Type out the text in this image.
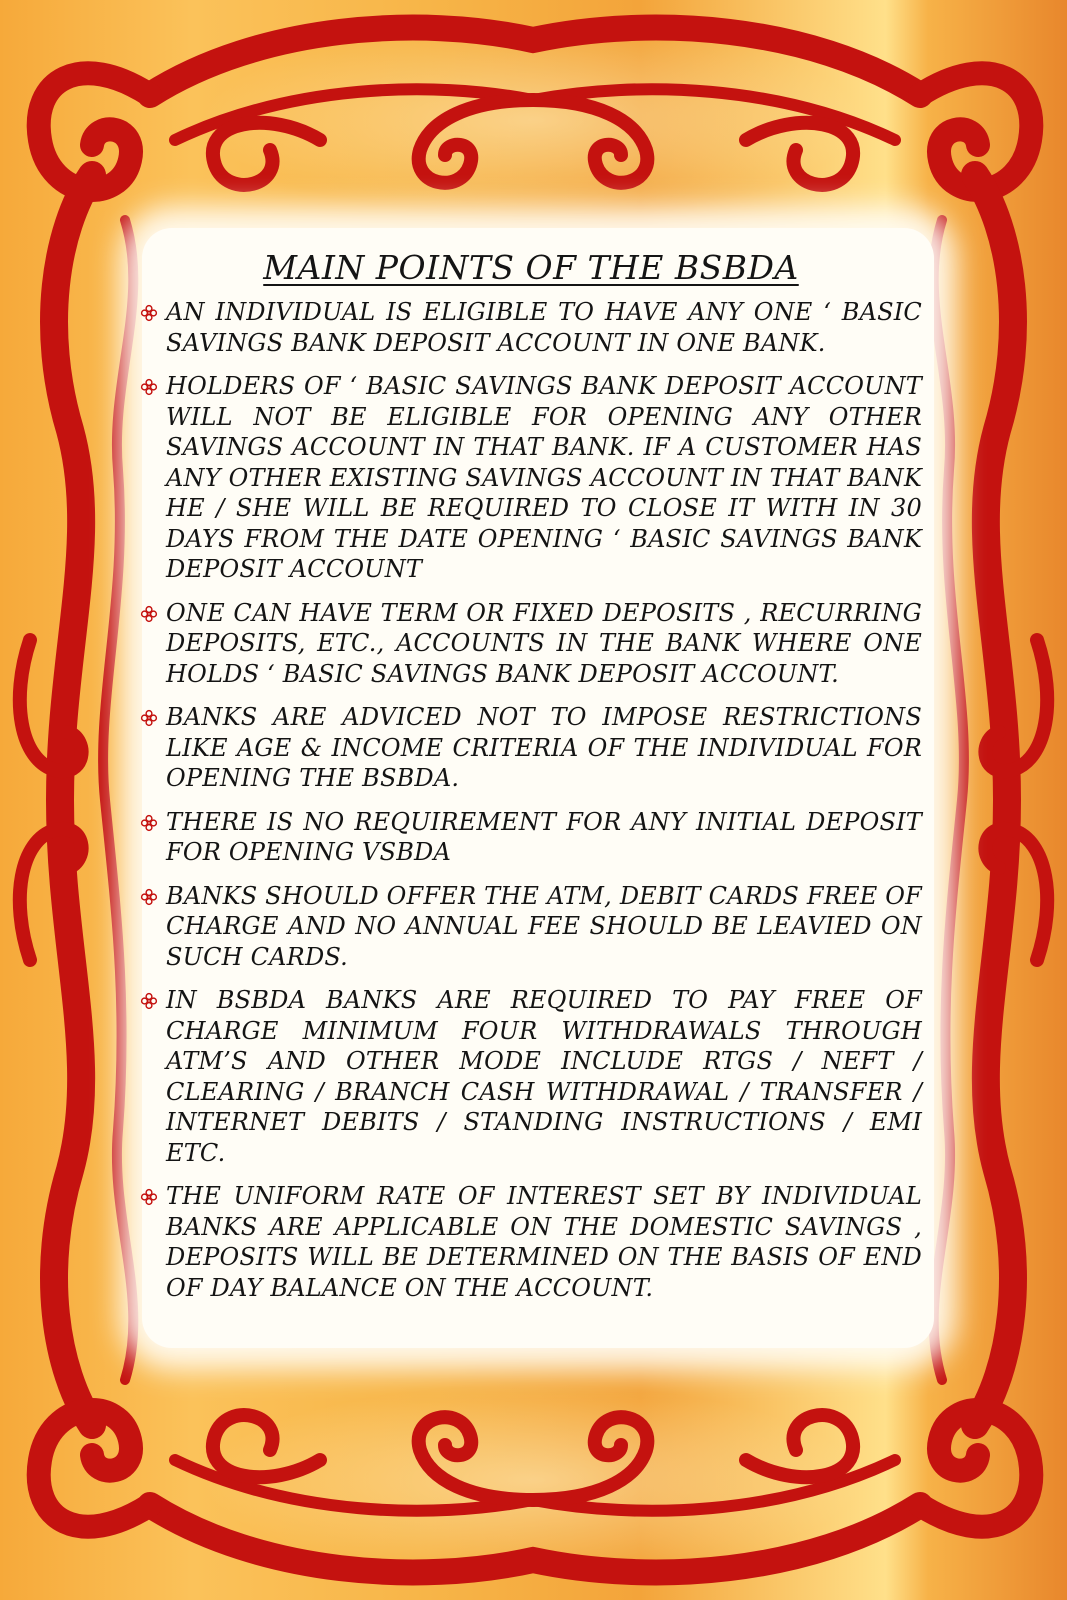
MAIN POINTS OF THE BSBDA
AN INDIVIDUAL IS ELIGIBLE TO HAVE ANY ONE ‘ BASIC SAVINGS BANK DEPOSIT ACCOUNT IN ONE BANK.
HOLDERS OF ‘ BASIC SAVINGS BANK DEPOSIT ACCOUNT WILL NOT BE ELIGIBLE FOR OPENING ANY OTHER SAVINGS ACCOUNT IN THAT BANK. IF A CUSTOMER HAS ANY OTHER EXISTING SAVINGS ACCOUNT IN THAT BANK HE / SHE WILL BE REQUIRED TO CLOSE IT WITH IN 30 DAYS FROM THE DATE OPENING ‘ BASIC SAVINGS BANK DEPOSIT ACCOUNT
ONE CAN HAVE TERM OR FIXED DEPOSITS , RECURRING DEPOSITS, ETC., ACCOUNTS IN THE BANK WHERE ONE HOLDS ‘ BASIC SAVINGS BANK DEPOSIT ACCOUNT.
BANKS ARE ADVICED NOT TO IMPOSE RESTRICTIONS LIKE AGE & INCOME CRITERIA OF THE INDIVIDUAL FOR OPENING THE BSBDA.
THERE IS NO REQUIREMENT FOR ANY INITIAL DEPOSIT FOR OPENING VSBDA
BANKS SHOULD OFFER THE ATM, DEBIT CARDS FREE OF CHARGE AND NO ANNUAL FEE SHOULD BE LEAVIED ON SUCH CARDS.
IN BSBDA BANKS ARE REQUIRED TO PAY FREE OF CHARGE MINIMUM FOUR WITHDRAWALS THROUGH ATM’S AND OTHER MODE INCLUDE RTGS / NEFT / CLEARING / BRANCH CASH WITHDRAWAL / TRANSFER / INTERNET DEBITS / STANDING INSTRUCTIONS / EMI ETC.
THE UNIFORM RATE OF INTEREST SET BY INDIVIDUAL BANKS ARE APPLICABLE ON THE DOMESTIC SAVINGS , DEPOSITS WILL BE DETERMINED ON THE BASIS OF END OF DAY BALANCE ON THE ACCOUNT.
